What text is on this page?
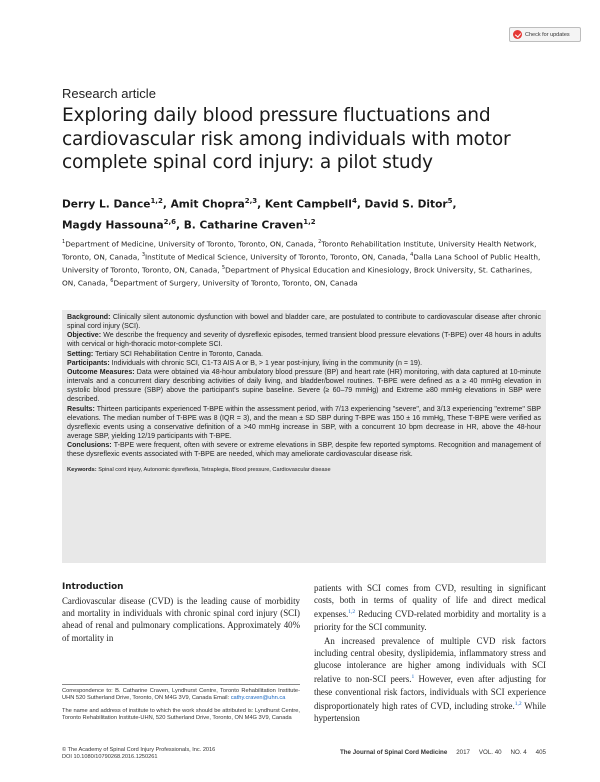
Check for updates
Research article
Exploring daily blood pressure fluctuations and cardiovascular risk among individuals with motor complete spinal cord injury: a pilot study
Derry L. Dance$^{1,2}$, Amit Chopra$^{2,3}$, Kent Campbell$^4$, David S. Ditor$^5$,
Magdy Hassouna$^{2,6}$, B. Catharine Craven$^{1,2}$
$^1$Department of Medicine, University of Toronto, Toronto, ON, Canada, $^2$Toronto Rehabilitation Institute, University Health Network, Toronto, ON, Canada, $^3$Institute of Medical Science, University of Toronto, Toronto, ON, Canada, $^4$Dalla Lana School of Public Health, University of Toronto, Toronto, ON, Canada, $^5$Department of Physical Education and Kinesiology, Brock University, St. Catharines, ON, Canada, $^6$Department of Surgery, University of Toronto, Toronto, ON, Canada

Background: Clinically silent autonomic dysfunction with bowel and bladder care, are postulated to contribute to cardiovascular disease after chronic spinal cord injury (SCI).

Objective: We describe the frequency and severity of dysreflexic episodes, termed transient blood pressure elevations (T-BPE) over 48 hours in adults with cervical or high-thoracic motor-complete SCI.

Setting: Tertiary SCI Rehabilitation Centre in Toronto, Canada.

Participants: Individuals with chronic SCI, C1-T3 AIS A or B, > 1 year post-injury, living in the community (n = 19).

Outcome Measures: Data were obtained via 48-hour ambulatory blood pressure (BP) and heart rate (HR) monitoring, with data captured at 10-minute intervals and a concurrent diary describing activities of daily living, and bladder/bowel routines. T-BPE were defined as a ≥ 40 mmHg elevation in systolic blood pressure (SBP) above the participant's supine baseline. Severe (≥ 60–79 mmHg) and Extreme ≥80 mmHg elevations in SBP were described.

Results: Thirteen participants experienced T-BPE within the assessment period, with 7/13 experiencing "severe", and 3/13 experiencing "extreme" SBP elevations. The median number of T-BPE was 8 (IQR = 3), and the mean ± SD SBP during T-BPE was 150 ± 16 mmHg, These T-BPE were verified as dysreflexic events using a conservative definition of a >40 mmHg increase in SBP, with a concurrent 10 bpm decrease in HR, above the 48-hour average SBP, yielding 12/19 participants with T-BPE.

Conclusions: T-BPE were frequent, often with severe or extreme elevations in SBP, despite few reported symptoms. Recognition and management of these dysreflexic events associated with T-BPE are needed, which may ameliorate cardiovascular disease risk.

Keywords: Spinal cord injury, Autonomic dysreflexia, Tetraplegia, Blood pressure, Cardiovascular disease

Introduction

Cardiovascular disease (CVD) is the leading cause of morbidity and mortality in individuals with chronic spinal cord injury (SCI) ahead of renal and pulmonary complications. Approximately 40% of mortality in

Correspondence to: B. Catharine Craven, Lyndhurst Centre, Toronto Rehabilitation Institute-UHN 520 Sutherland Drive, Toronto, ON M4G 3V9, Canada Email: cathy.craven@uhn.ca

The name and address of institute to which the work should be attributed is: Lyndhurst Centre, Toronto Rehabilitation Institute-UHN, 520 Sutherland Drive, Toronto, ON M4G 3V9, Canada

patients with SCI comes from CVD, resulting in significant costs, both in terms of quality of life and direct medical expenses.$^{1,2}$ Reducing CVD-related morbidity and mortality is a priority for the SCI community.

An increased prevalence of multiple CVD risk factors including central obesity, dyslipidemia, inflammatory stress and glucose intolerance are higher among individuals with SCI relative to non-SCI peers.$^1$ However, even after adjusting for these conventional risk factors, individuals with SCI experience disproportionately high rates of CVD, including stroke.$^{1,2}$ While hypertension

© The Academy of Spinal Cord Injury Professionals, Inc. 2016
DOI 10.1080/10790268.2016.1250261
The Journal of Spinal Cord Medicine 2017 VOL. 40 NO. 4 405
